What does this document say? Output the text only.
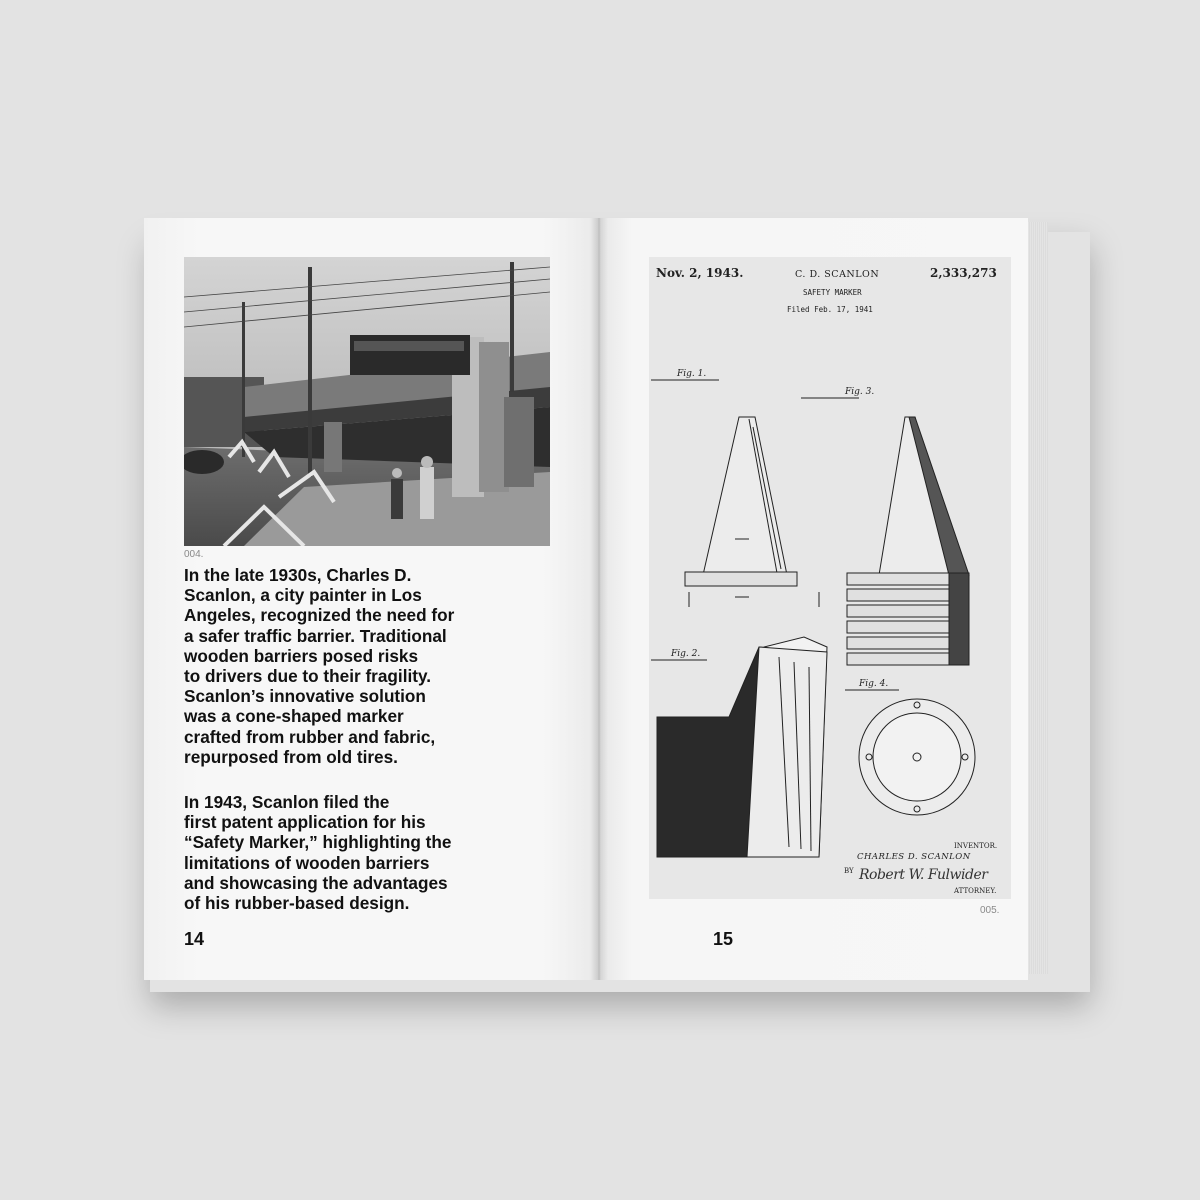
004.
In the late 1930s, Charles D.
Scanlon, a city painter in Los
Angeles, recognized the need for
a safer traffic barrier. Traditional
wooden barriers posed risks
to drivers due to their fragility.
Scanlon’s innovative solution
was a cone-shaped marker
crafted from rubber and fabric,
repurposed from old tires.
In 1943, Scanlon filed the
first patent application for his
“Safety Marker,” highlighting the
limitations of wooden barriers
and showcasing the advantages
of his rubber-based design.
14
Nov. 2, 1943.	C. D. SCANLON	2,333,273
SAFETY MARKER
Filed Feb. 17, 1941
Fig. 1.
Fig. 3.
Fig. 2.
Fig. 4.
INVENTOR.
CHARLES D. SCANLON
BY Robert W. Fulwider
ATTORNEY.
005.
15
